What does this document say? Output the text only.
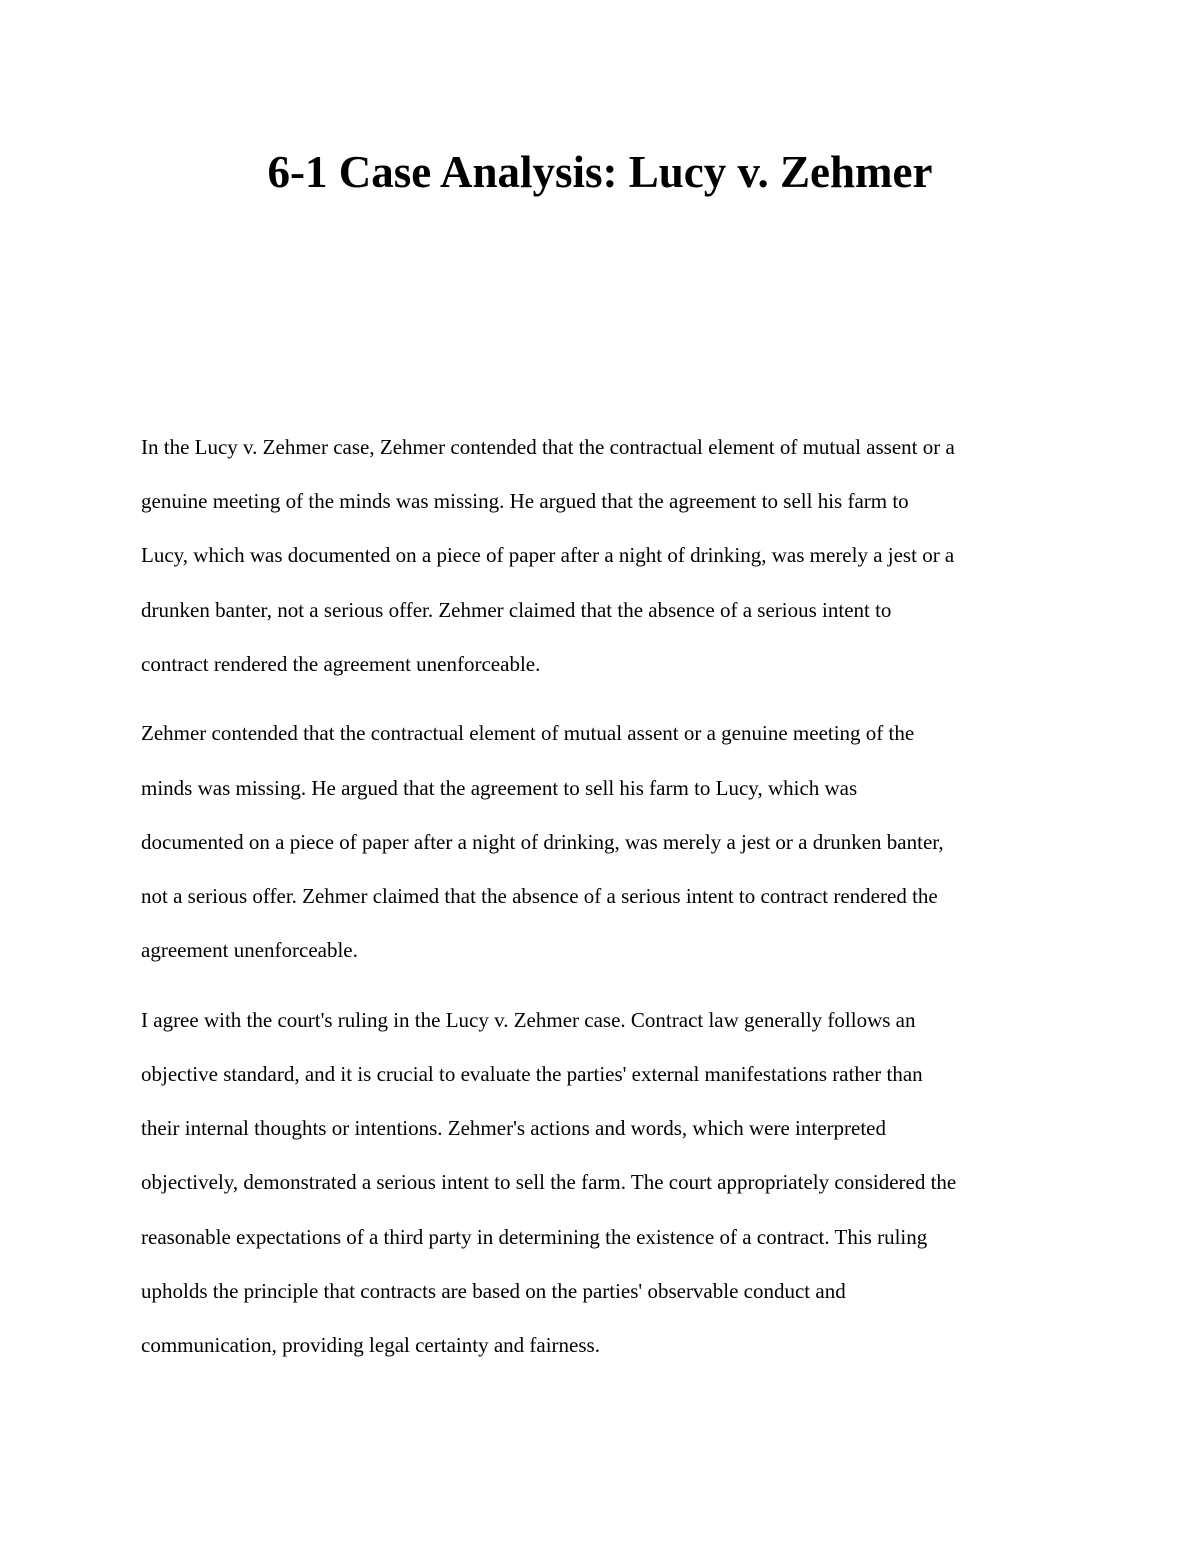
6-1 Case Analysis: Lucy v. Zehmer

In the Lucy v. Zehmer case, Zehmer contended that the contractual element of mutual assent or a
genuine meeting of the minds was missing. He argued that the agreement to sell his farm to
Lucy, which was documented on a piece of paper after a night of drinking, was merely a jest or a
drunken banter, not a serious offer. Zehmer claimed that the absence of a serious intent to
contract rendered the agreement unenforceable.

Zehmer contended that the contractual element of mutual assent or a genuine meeting of the
minds was missing. He argued that the agreement to sell his farm to Lucy, which was
documented on a piece of paper after a night of drinking, was merely a jest or a drunken banter,
not a serious offer. Zehmer claimed that the absence of a serious intent to contract rendered the
agreement unenforceable.

I agree with the court's ruling in the Lucy v. Zehmer case. Contract law generally follows an
objective standard, and it is crucial to evaluate the parties' external manifestations rather than
their internal thoughts or intentions. Zehmer's actions and words, which were interpreted
objectively, demonstrated a serious intent to sell the farm. The court appropriately considered the
reasonable expectations of a third party in determining the existence of a contract. This ruling
upholds the principle that contracts are based on the parties' observable conduct and
communication, providing legal certainty and fairness.
